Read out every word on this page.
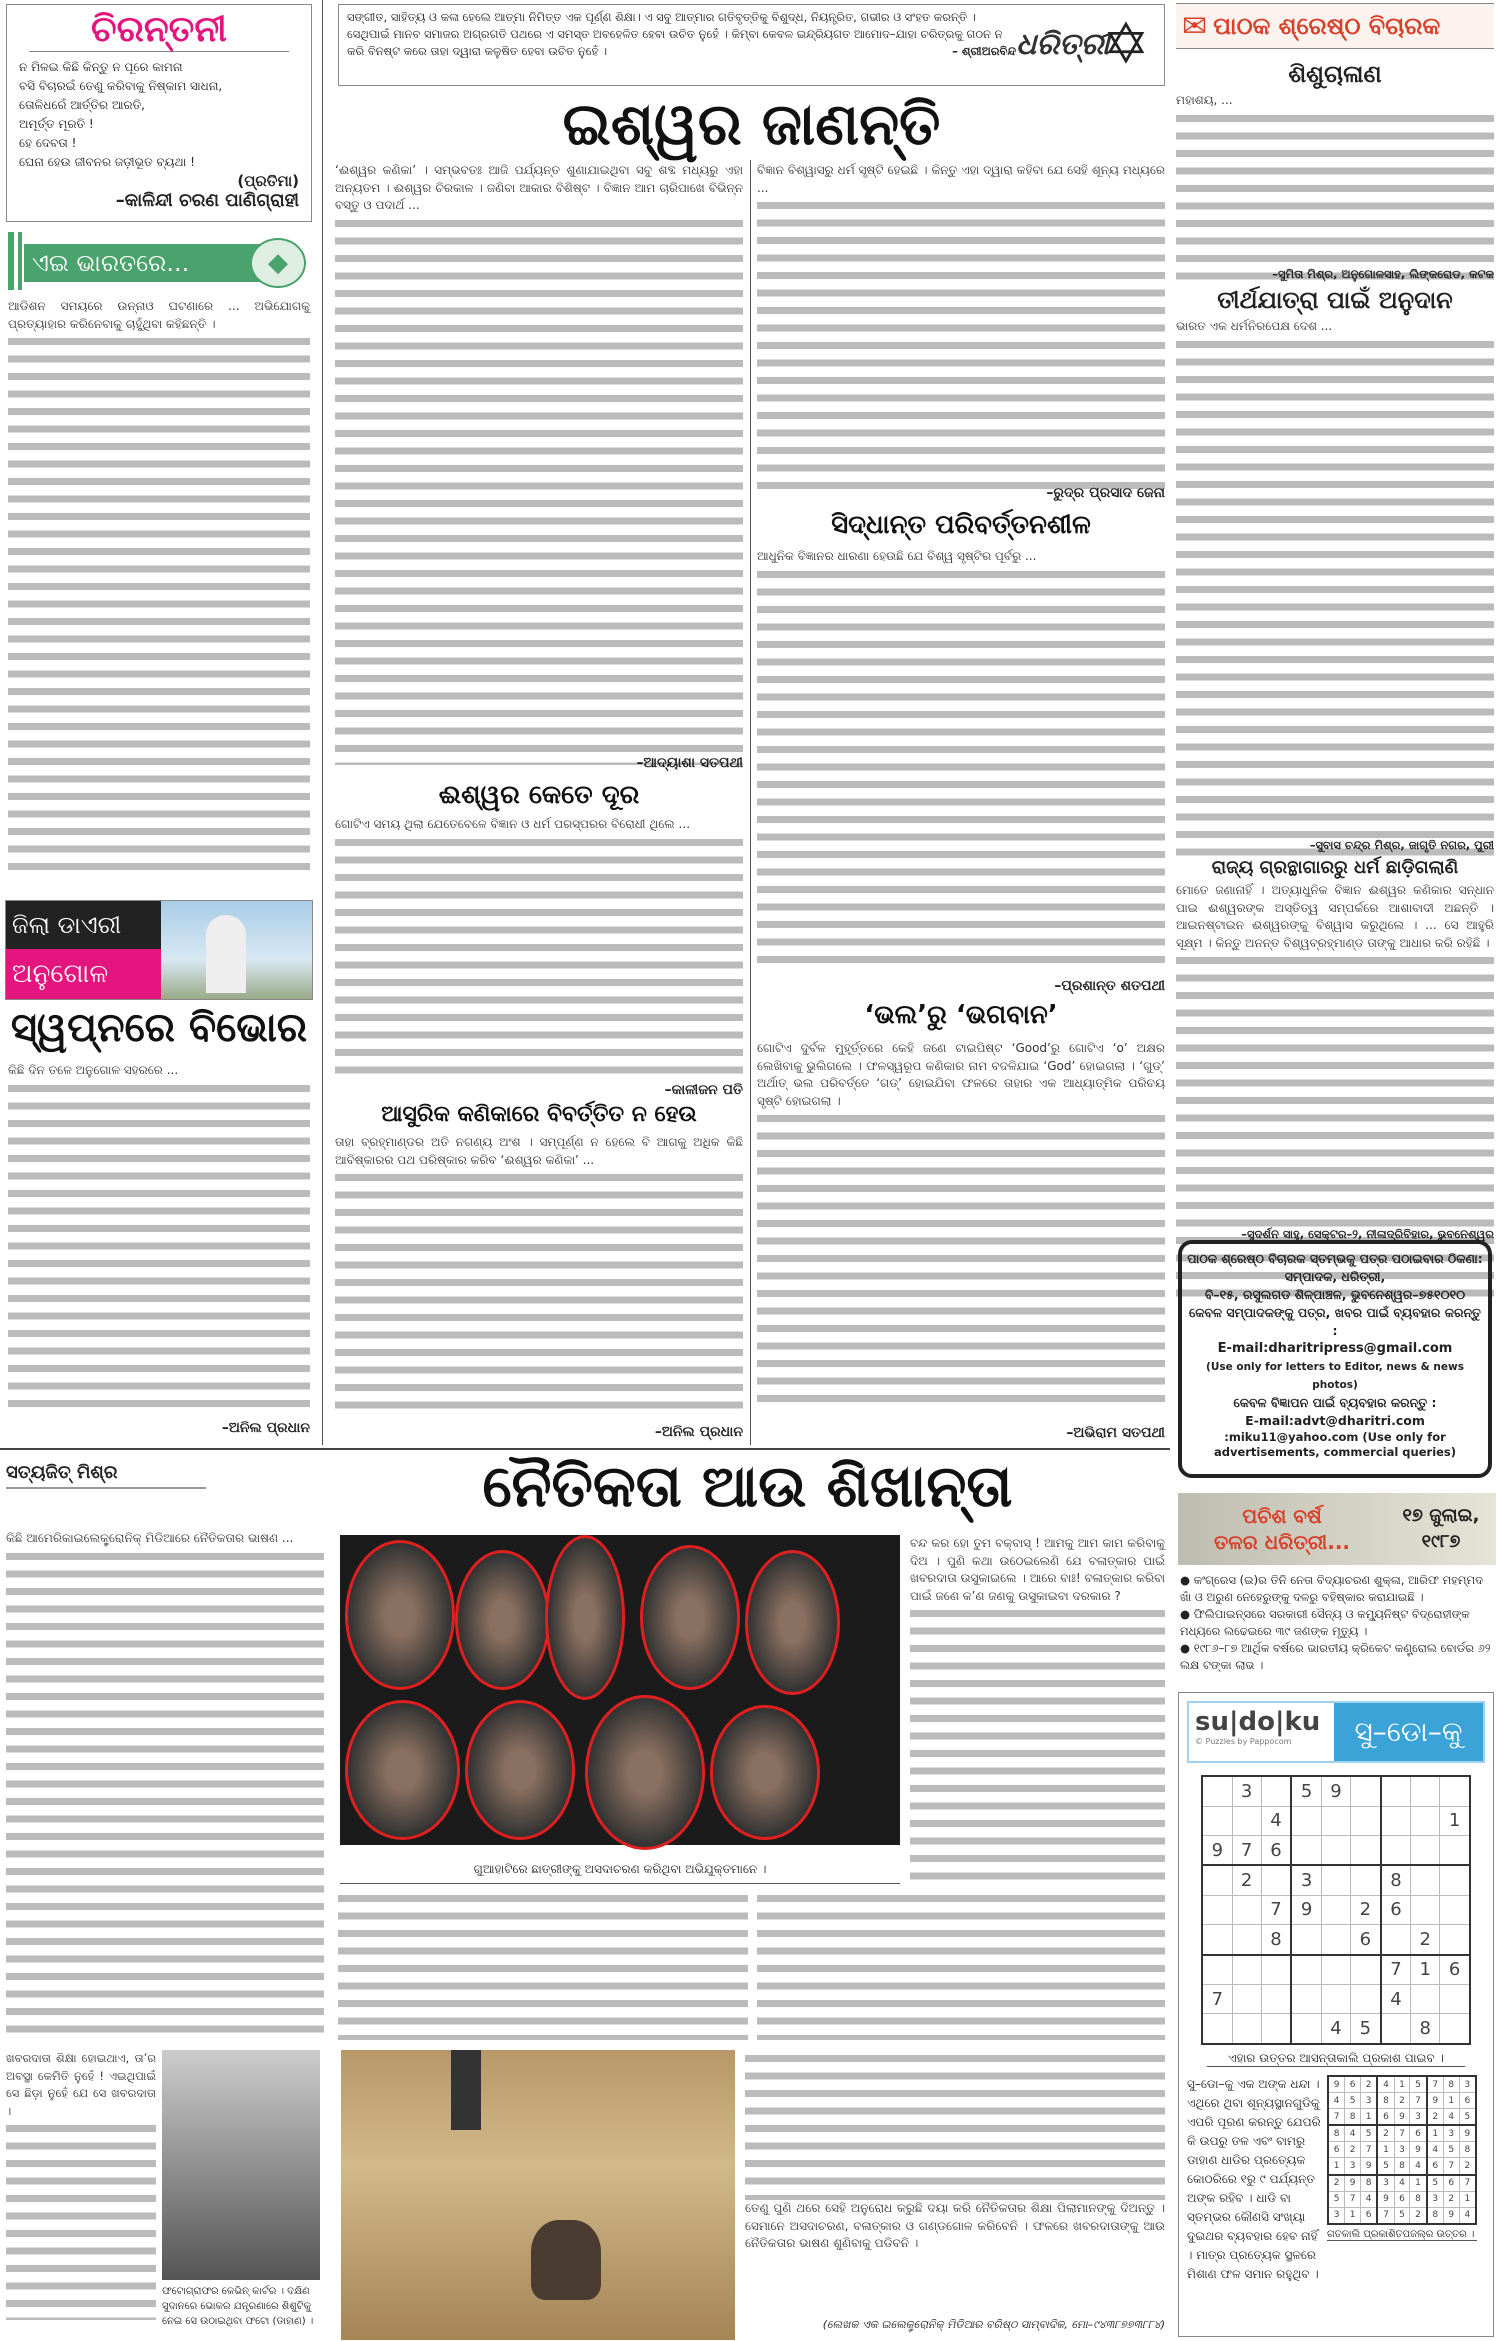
ଚିରନ୍ତନୀ
ନ ମିଳଇ କିଛି କିନ୍ତୁ ନ ପୂରେ କାମନା
ବସି ବିଚାରଇଁ ତେଣୁ କରିବାକୁ ନିଷ୍କାମ ସାଧନା,
ତୋଳିଧରେଁ ଆର୍ତ୍ତିର ଆରତି,
ଅମୂର୍ତ୍ତ ମୂରତି !
ହେ ଦେବତା !
ଘେନା ହେଉ ଜୀବନର ଜଡ଼ୀଭୂତ ବ୍ୟଥା !
(ପ୍ରତିମା)
–କାଳିନ୍ଦୀ ଚରଣ ପାଣିଗ୍ରାହୀ
ଏଇ ଭାରତରେ...	◆
ଆଡିଶନ ସମୟରେ ଉନ୍ନାଓ ଘଟଣାରେ ... ଅଭିଯୋଗକୁ ପ୍ରତ୍ୟାହାର କରିନେବାକୁ ଚାହୁଁଥିବା କହିଛନ୍ତି ।
ଜିଲା ଡାଏରୀ
ଅନୁଗୋଳ
ସ୍ୱପ୍ନରେ ବିଭୋର
କିଛି ଦିନ ତଳେ ଅନୁଗୋଳ ସହରରେ ...
–ଅନିଲ ପ୍ରଧାନ
ସଙ୍ଗୀତ, ସାହିତ୍ୟ ଓ କଳା ହେଲେ ଆତ୍ମା ନିମିତ୍ତ ଏକ ପୂର୍ଣ୍ଣ ଶିକ୍ଷା। ଏ ସବୁ ଆତ୍ମାର ଗତିବୃତ୍ତିକୁ ବିଶୁଦ୍ଧ, ନିୟନ୍ତ୍ରିତ, ଗଭୀର ଓ ସଂହତ କରନ୍ତି । ସେଥିପାଇଁ ମାନବ ସମାଜର ଅଗ୍ରଗତି ପଥରେ ଏ ସମସ୍ତ ଅବହେଳିତ ହେବା ଉଚିତ ନୁହେଁ । କିମ୍ବା କେବଳ ଇନ୍ଦ୍ରିୟଗତ ଆମୋଦ–ଯାହା ଚରିତ୍ରକୁ ଗଠନ ନ କରି ବିନଷ୍ଟ କରେ ତାହା ଦ୍ୱାରା କଳୁଷିତ ହେବା ଉଚିତ ନୁହେଁ ।	– ଶ୍ରୀଅରବିନ୍ଦ ଧରିତ୍ରୀ
✡
ଇଶ୍ୱର ଜାଣନ୍ତି
‘ଈଶ୍ୱର କଣିକା’ । ସମ୍ଭବତଃ ଆଜି ପର୍ଯ୍ୟନ୍ତ ଶୁଣାଯାଇଥିବା ସବୁ ଶବ୍ଦ ମଧ୍ୟରୁ ଏହା ଅନ୍ୟତମ । ଈଶ୍ୱର ଚିରକାଳ । ଜଣିବା ଆକାର ବିଶିଷ୍ଟ । ବିଜ୍ଞାନ ଆମ ଚାରିପାଖେ ବିଭିନ୍ନ ବସ୍ତୁ ଓ ପଦାର୍ଥ ...
–ଆଦ୍ୟାଶା ସତପଥୀ
ଈଶ୍ୱର କେତେ ଦୂର
ଗୋଟିଏ ସମୟ ଥିଲା ଯେତେବେଳେ ବିଜ୍ଞାନ ଓ ଧର୍ମ ପରସ୍ପରର ବିରୋଧୀ ଥିଲେ ...
–କାଳୀଜନ ପତି
ଆସୁରିକ କଣିକାରେ ବିବର୍ତ୍ତିତ ନ ହେଉ
ତାହା ବ୍ରହ୍ମାଣ୍ଡର ଅତି ନଗଣ୍ୟ ଅଂଶ । ସମ୍ପୂର୍ଣ୍ଣ ନ ହେଲେ ବି ଆଗକୁ ଅଧିକ କିଛି ଆବିଷ୍କାରର ପଥ ପରିଷ୍କାର କରିବ ‘ଈଶ୍ୱର କଣିକା’ ...
–ଅନିଲ ପ୍ରଧାନ
ବିଜ୍ଞାନ ବିଶ୍ୱାସରୁ ଧର୍ମ ସୃଷ୍ଟି ହେଇଛି । କିନ୍ତୁ ଏହା ଦ୍ୱାରା କହିବା ଯେ ସେହି ଶୂନ୍ୟ ମଧ୍ୟରେ ...
–ରୁଦ୍ର ପ୍ରସାଦ ଜେନା
ସିଦ୍ଧାନ୍ତ ପରିବର୍ତ୍ତନଶୀଳ
ଆଧୁନିକ ବିଜ୍ଞାନର ଧାରଣା ହେଉଛି ଯେ ବିଶ୍ୱ ସୃଷ୍ଟିର ପୂର୍ବରୁ ...
–ପ୍ରଶାନ୍ତ ଶତପଥୀ
‘ଭଲ’ରୁ ‘ଭଗବାନ’
ଗୋଟିଏ ଦୁର୍ବଳ ମୁହୂର୍ତ୍ତରେ କେହି ଜଣେ ଟାଇପିଷ୍ଟ ‘Good’ରୁ ଗୋଟିଏ ‘o’ ଅକ୍ଷର ଲେଖିବାକୁ ଭୁଲିଗଲେ । ଫଳସ୍ୱରୂପ କଣିକାର ନାମ ବଦଳିଯାଇ ‘God’ ହୋଇଗଲା । ‘ଗୁଡ୍’ ଅର୍ଥାତ୍ ଭଲ ପରିବର୍ତ୍ତେ ‘ଗଡ୍’ ହୋଇଯିବା ଫଳରେ ତାହାର ଏକ ଆଧ୍ୟାତ୍ମିକ ପରିଚୟ ସୃଷ୍ଟି ହୋଇଗଲା ।
–ଅଭିରାମ ସତପଥୀ
✉ ପାଠକ ଶ୍ରେଷ୍ଠ ବିଚାରକ
ଶିଶୁଚାଳାଣ
ମହାଶୟ, ...
–ସୁମିତା ମିଶ୍ର, ଅନୁଗୋଳସାହ, ଲିଙ୍କରୋଡ, କଟକ
ତୀର୍ଥଯାତ୍ରା ପାଇଁ ଅନୁଦାନ
ଭାରତ ଏକ ଧର୍ମନିରପେକ୍ଷ ଦେଶ ...
–ସୁବାସ ଚନ୍ଦ୍ର ମିଶ୍ର, ଜାଗୃତି ନଗର, ପୁରୀ
ରାଜ୍ୟ ଗ୍ରନ୍ଥାଗାରରୁ ଧର୍ମ ଛାଡ଼ିଗଲାଣି
ମୋତେ ଜଣାନାହିଁ । ଅତ୍ୟାଧୁନିକ ବିଜ୍ଞାନ ଈଶ୍ୱର କଣିକାର ସନ୍ଧାନ ପାଇ ଈଶ୍ୱରଙ୍କ ଅସ୍ତିତ୍ୱ ସମ୍ପର୍କରେ ଆଶାବାଦୀ ଅଛନ୍ତି । ଆଇନଷ୍ଟାଇନ ଈଶ୍ୱରଙ୍କୁ ବିଶ୍ୱାସ କରୁଥିଲେ । ... ସେ ଆହୁରି ସୂକ୍ଷ୍ମ । କିନ୍ତୁ ଅନନ୍ତ ବିଶ୍ୱବ୍ରହ୍ମାଣ୍ଡ ତାଙ୍କୁ ଆଧାର କରି ରହିଛି ।
–ସୁଦର୍ଶନ ସାହୁ, ସେକ୍ଟର–୨, ନୀଳାଦ୍ରିବିହାର, ଭୁବନେଶ୍ୱର
ପାଠକ ଶ୍ରେଷ୍ଠ ବିଚାରକ ସ୍ତମ୍ଭକୁ ପତ୍ର ପଠାଇବାର ଠିକଣା:
ସମ୍ପାଦକ, ଧରିତ୍ରୀ,
ବି–୧୫, ରସୁଲଗଡ ଶିଳ୍ପାଞ୍ଚଳ, ଭୁବନେଶ୍ୱର–୭୫୧୦୧୦
କେବଳ ସମ୍ପାଦକଙ୍କୁ ପତ୍ର, ଖବର ପାଇଁ ବ୍ୟବହାର କରନ୍ତୁ :
E-mail:dharitripress@gmail.com
(Use only for letters to Editor, news & news photos)
କେବଳ ବିଜ୍ଞାପନ ପାଇଁ ବ୍ୟବହାର କରନ୍ତୁ :
E-mail:advt@dharitri.com
:miku11@yahoo.com (Use only for advertisements, commercial queries)
ପଚିଶ ବର୍ଷ
ତଳର ଧରିତ୍ରୀ...
୧୭ ଜୁଲାଇ,
୧୯୮୭
● କଂଗ୍ରେସ (ଇ)ର ତିନି ନେତା ବିଦ୍ୟାଚରଣ ଶୁକ୍ଳା, ଆରିଫ ମହମ୍ମଦ ଖାଁ ଓ ଅରୁଣ ନେହେରୁଙ୍କୁ ଦଳରୁ ବହିଷ୍କାର କରାଯାଇଛି ।
● ଫିଲିପାଇନ୍ସରେ ସରକାରୀ ସୈନ୍ୟ ଓ କମ୍ୟୁନିଷ୍ଟ ବିଦ୍ରୋହୀଙ୍କ ମଧ୍ୟରେ ଲଢେଇରେ ୩୯ ଜଣଙ୍କ ମୃତ୍ୟୁ ।
● ୧୯୮୬–୮୭ ଆର୍ଥିକ ବର୍ଷରେ ଭାରତୀୟ କ୍ରିକେଟ କଣ୍ଟ୍ରୋଲ ବୋର୍ଡର ୬୨ ଲକ୍ଷ ଟଙ୍କା ଲାଭ ।
su|do|ku
© Puzzles by Pappocom	ସୁ–ଡୋ–କୁ
	3		5	9				
		4						1
9	7	6						
	2		3			8		
		7	9		2	6		
		8			6		2	
						7	1	6
7						4		
				4	5		8	
ଏହାର ଉତ୍ତର ଆସନ୍ତାକାଲି ପ୍ରକାଶ ପାଇବ ।
ସୁ–ଡୋ–କୁ ଏକ ଅଙ୍କ ଧନ୍ଦା । ଏଥିରେ ଥିବା ଶୂନ୍ୟସ୍ଥାନଗୁଡିକୁ ଏପରି ପୂରଣ କରନ୍ତୁ ଯେପରି କି ଉପରୁ ତଳ ଏବଂ ବାମରୁ ଡାହାଣ ଧାଡିର ପ୍ରତ୍ୟେକ କୋଠରିରେ ୧ରୁ ୯ ପର୍ଯ୍ୟନ୍ତ ଅଙ୍କ ରହିବ । ଧାଡି ବା ସ୍ତମ୍ଭର କୌଣସି ସଂଖ୍ୟା ଦୁଇଥର ବ୍ୟବହାର ହେବ ନାହିଁ । ମାତ୍ର ପ୍ରତ୍ୟେକ ସ୍ଥଳରେ ମିଶାଣ ଫଳ ସମାନ ରହୁଥିବ ।
9	6	2	4	1	5	7	8	3
4	5	3	8	2	7	9	1	6
7	8	1	6	9	3	2	4	5
8	4	5	2	7	6	1	3	9
6	2	7	1	3	9	4	5	8
1	3	9	5	8	4	6	7	2
2	9	8	3	4	1	5	6	7
5	7	4	9	6	8	3	2	1
3	1	6	7	5	2	8	9	4
ଗତକାଲି ପ୍ରକାଶିତପଜଲ୍‌ର ଉତ୍ତର ।
ସତ୍ୟଜିତ୍ ମିଶ୍ର	ନୈତିକତା ଆଉ ଶିଖାନ୍ତା
କିଛି ଆମେରିକାଇଲେକ୍ଟ୍ରୋନିକ୍‌ ମିଡିଆରେ ନୈତିକତାର ଭାଷଣ ...
ଖବରଦାତା ଶିକ୍ଷା ହୋଇଥାଏ, ତା’ର ଅବସ୍ଥା କେମିତି ନୁହେଁ ! ଏଇଥିପାଇଁ ସେ ଛିଡ଼ା ନୁହେଁ ଯେ ସେ ଖବରଦାତା ।
ଫଟୋଗ୍ରାଫର କେଭିନ୍ କାର୍ଟର । ଦକ୍ଷିଣ ସୁଦାନରେ ଭୋକର ଯନ୍ତ୍ରଣାରେ ଶିଶୁଟିକୁ ନେଇ ସେ ଉଠାଇଥିବା ଫଟୋ (ଡାହାଣ) ।
ଗୁଆହାଟିରେ ଛାତ୍ରୀଙ୍କୁ ଅସଦାଚରଣ କରିଥିବା ଅଭିଯୁକ୍ତମାନେ ।
ବନ୍ଦ କର ହୋ ତୁମ ବକ୍‌ବାସ୍ ! ଆମକୁ ଆମ କାମ କରିବାକୁ ଦିଅ । ପୁଣି କଥା ଉଠେଇଲେଣି ଯେ ବଳାତ୍କାର ପାଇଁ ଖବରଦାତା ଉସୁକାଇଲେ । ଆରେ ବାଃ! ବଳାତ୍କାର କରିବା ପାଇଁ ଜଣେ କ’ଣ ଜଣକୁ ଉସୁକାଇବା ଦରକାର ?
ତେଣୁ ପୁଣି ଥରେ ସେହି ଅନୁରୋଧ କରୁଛି ଦୟା କରି ନୈତିକତାର ଶିକ୍ଷା ପିଲାମାନଙ୍କୁ ଦିଅନ୍ତୁ । ସେମାନେ ଅସଦାଚରଣ, ବଳାତ୍କାର ଓ ଗଣ୍ଡଗୋଳ କରିବେନି । ଫଳରେ ଖବରଦାତାଙ୍କୁ ଆଉ ନୈତିକତାର ଭାଷଣ ଶୁଣିବାକୁ ପଡିବନି ।
(ଲେଖକ ଏକ ଇଲେକ୍ଟ୍ରୋନିକ୍ ମିଡିଆର ବରିଷ୍ଠ ସାମ୍ବାଦିକ, ମୋ–୯୪୩୮୭୭୩୮୮୪)
